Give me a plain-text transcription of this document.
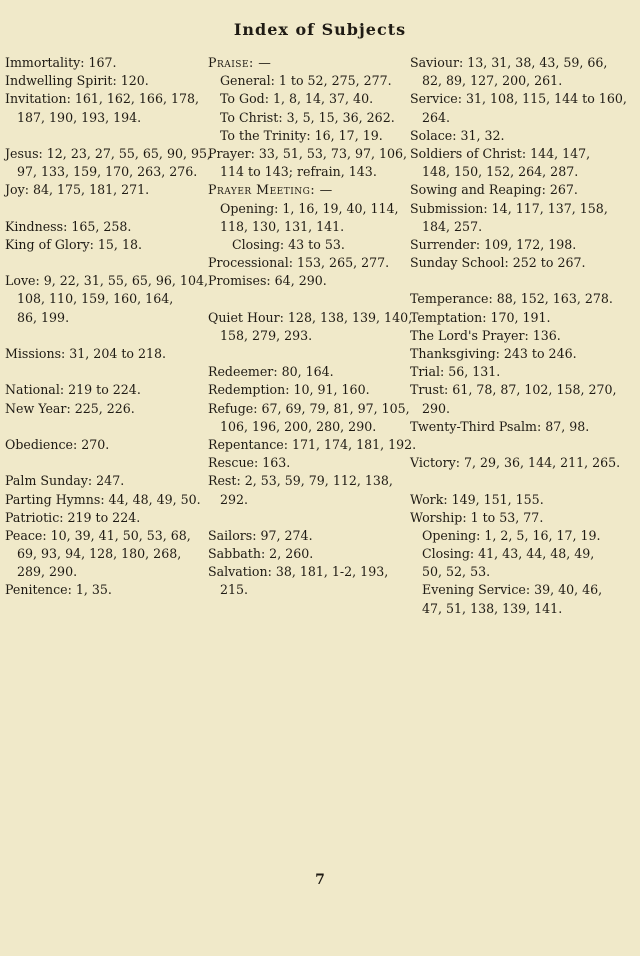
Index of Subjects
Immortality: 167.
Indwelling Spirit: 120.
Invitation: 161, 162, 166, 178,
187, 190, 193, 194.
Jesus: 12, 23, 27, 55, 65, 90, 95,
97, 133, 159, 170, 263, 276.
Joy: 84, 175, 181, 271.
Kindness: 165, 258.
King of Glory: 15, 18.
Love: 9, 22, 31, 55, 65, 96, 104,
108, 110, 159, 160, 164,
86, 199.
Missions: 31, 204 to 218.
National: 219 to 224.
New Year: 225, 226.
Obedience: 270.
Palm Sunday: 247.
Parting Hymns: 44, 48, 49, 50.
Patriotic: 219 to 224.
Peace: 10, 39, 41, 50, 53, 68,
69, 93, 94, 128, 180, 268,
289, 290.
Penitence: 1, 35.
Praise: —
General: 1 to 52, 275, 277.
To God: 1, 8, 14, 37, 40.
To Christ: 3, 5, 15, 36, 262.
To the Trinity: 16, 17, 19.
Prayer: 33, 51, 53, 73, 97, 106,
114 to 143; refrain, 143.
Prayer Meeting: —
Opening: 1, 16, 19, 40, 114,
118, 130, 131, 141.
Closing: 43 to 53.
Processional: 153, 265, 277.
Promises: 64, 290.
Quiet Hour: 128, 138, 139, 140,
158, 279, 293.
Redeemer: 80, 164.
Redemption: 10, 91, 160.
Refuge: 67, 69, 79, 81, 97, 105,
106, 196, 200, 280, 290.
Repentance: 171, 174, 181, 192.
Rescue: 163.
Rest: 2, 53, 59, 79, 112, 138,
292.
Sailors: 97, 274.
Sabbath: 2, 260.
Salvation: 38, 181, 1-2, 193,
215.
Saviour: 13, 31, 38, 43, 59, 66,
82, 89, 127, 200, 261.
Service: 31, 108, 115, 144 to 160,
264.
Solace: 31, 32.
Soldiers of Christ: 144, 147,
148, 150, 152, 264, 287.
Sowing and Reaping: 267.
Submission: 14, 117, 137, 158,
184, 257.
Surrender: 109, 172, 198.
Sunday School: 252 to 267.
Temperance: 88, 152, 163, 278.
Temptation: 170, 191.
The Lord's Prayer: 136.
Thanksgiving: 243 to 246.
Trial: 56, 131.
Trust: 61, 78, 87, 102, 158, 270,
290.
Twenty-Third Psalm: 87, 98.
Victory: 7, 29, 36, 144, 211, 265.
Work: 149, 151, 155.
Worship: 1 to 53, 77.
Opening: 1, 2, 5, 16, 17, 19.
Closing: 41, 43, 44, 48, 49,
50, 52, 53.
Evening Service: 39, 40, 46,
47, 51, 138, 139, 141.
7
